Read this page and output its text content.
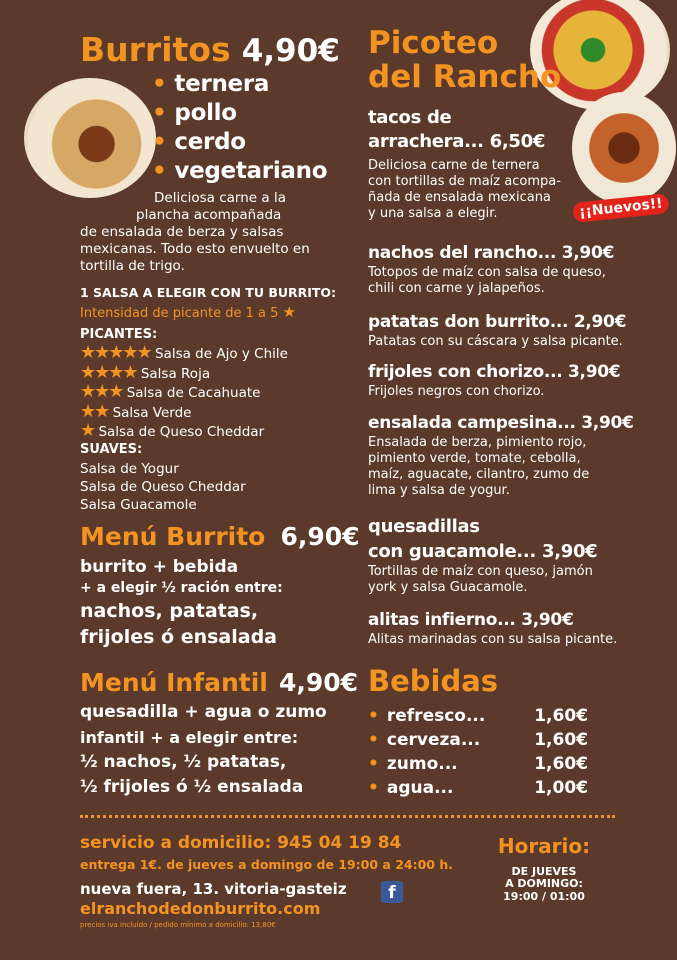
¡¡Nuevos!!
Burritos 4,90€
• ternera
• pollo
• cerdo
• vegetariano
Deliciosa carne a la
plancha acompañada
de ensalada de berza y salsas
mexicanas. Todo esto envuelto en
tortilla de trigo.
1 SALSA A ELEGIR CON TU BURRITO:
Intensidad de picante de 1 a 5 ★
PICANTES:
★★★★★ Salsa de Ajo y Chile
★★★★ Salsa Roja
★★★ Salsa de Cacahuate
★★ Salsa Verde
★ Salsa de Queso Cheddar
SUAVES:
Salsa de Yogur
Salsa de Queso Cheddar
Salsa Guacamole
Menú Burrito 6,90€
burrito + bebida
+ a elegir ½ ración entre:
nachos, patatas,
frijoles ó ensalada
Menú Infantil 4,90€
quesadilla + agua o zumo
infantil + a elegir entre:
½ nachos, ½ patatas,
½ frijoles ó ½ ensalada
Picoteo
del Rancho
tacos de
arrachera... 6,50€
Deliciosa carne de ternera
con tortillas de maíz acompa-
ñada de ensalada mexicana
y una salsa a elegir.
nachos del rancho... 3,90€
Totopos de maíz con salsa de queso,
chili con carne y jalapeños.
patatas don burrito... 2,90€
Patatas con su cáscara y salsa picante.
frijoles con chorizo... 3,90€
Frijoles negros con chorizo.
ensalada campesina... 3,90€
Ensalada de berza, pimiento rojo,
pimiento verde, tomate, cebolla,
maíz, aguacate, cilantro, zumo de
lima y salsa de yogur.
quesadillas
con guacamole... 3,90€
Tortillas de maíz con queso, jamón
york y salsa Guacamole.
alitas infierno... 3,90€
Alitas marinadas con su salsa picante.
Bebidas
• refresco...	1,60€
• cerveza...	1,60€
• zumo...	1,60€
• agua...	1,00€
servicio a domicilio: 945 04 19 84
entrega 1€. de jueves a domingo de 19:00 a 24:00 h.
nueva fuera, 13. vitoria-gasteiz	f
elranchodedonburrito.com
precios iva incluido / pedido mínimo a domicilio: 13,80€
Horario:
DE JUEVES
A DOMINGO:
19:00 / 01:00
